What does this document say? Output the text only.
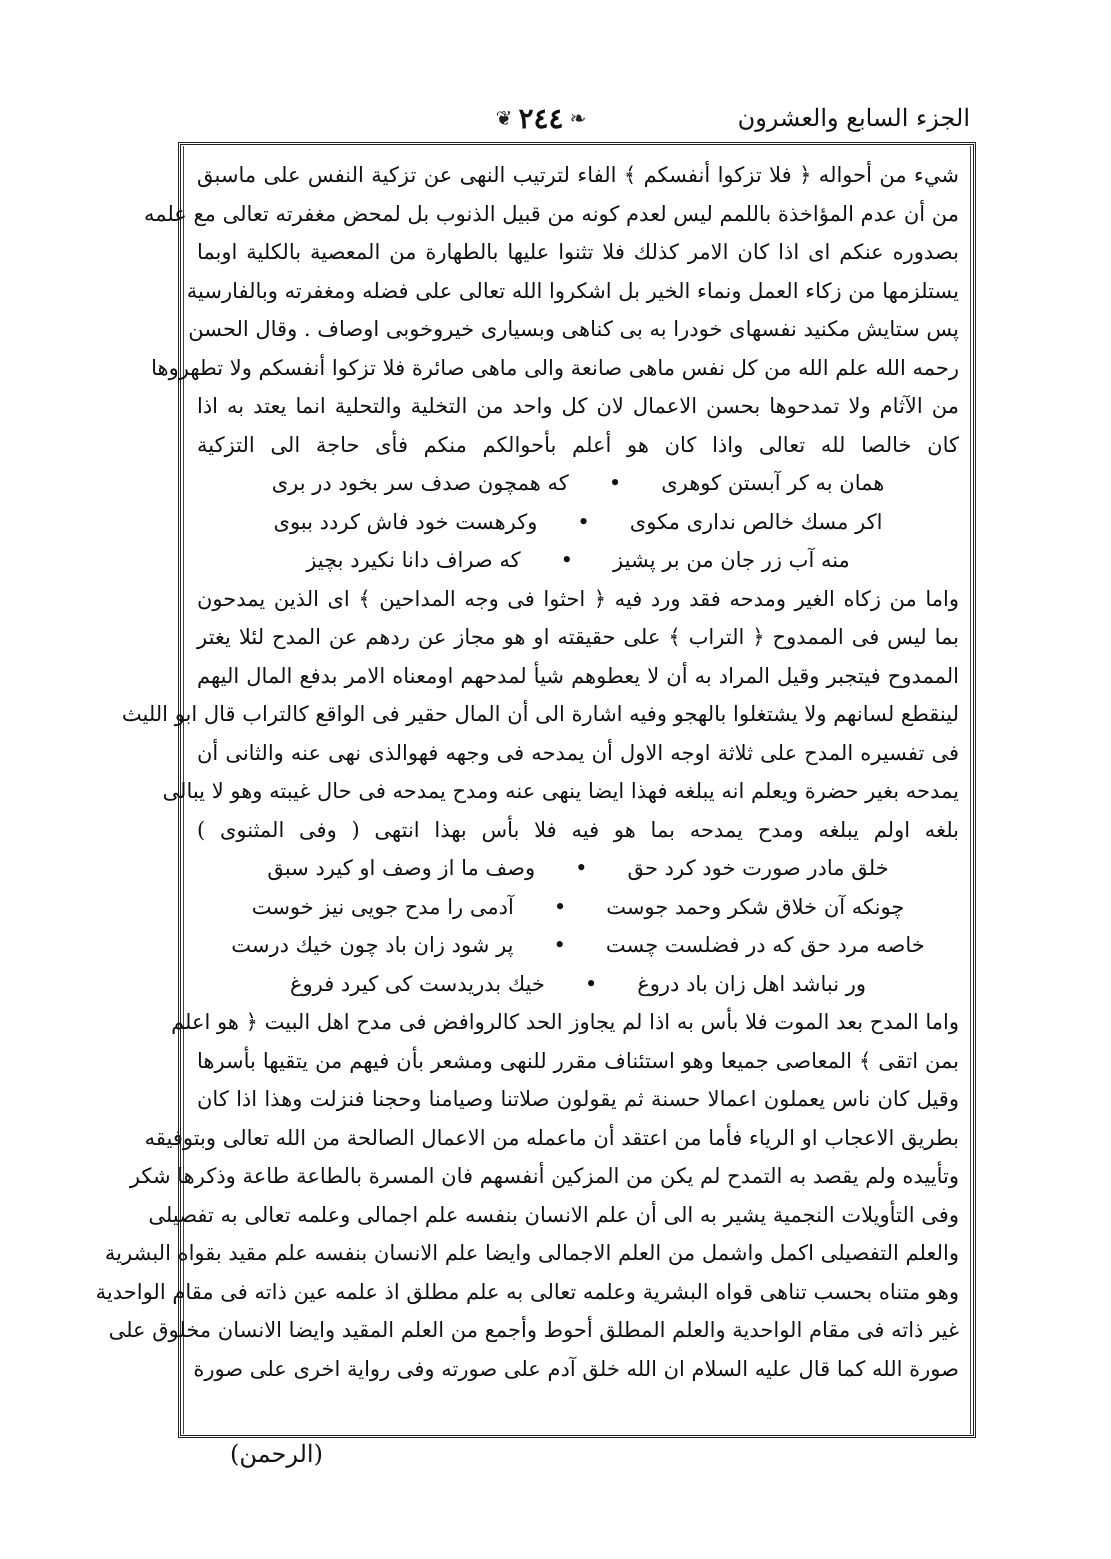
الجزء السابع والعشرون
❦ ٢٤٤ ❧
شيء من أحواله ﴿ فلا تزكوا أنفسكم ﴾ الفاء لترتيب النهى عن تزكية النفس على ماسبق
من أن عدم المؤاخذة باللمم ليس لعدم كونه من قبيل الذنوب بل لمحض مغفرته تعالى مع علمه
بصدوره عنكم اى اذا كان الامر كذلك فلا تثنوا عليها بالطهارة من المعصية بالكلية اوبما
يستلزمها من زكاء العمل ونماء الخير بل اشكروا الله تعالى على فضله ومغفرته وبالفارسية
پس ستايش مكنيد نفسهاى خودرا به بى كناهى وبسيارى خيروخوبى اوصاف . وقال الحسن
رحمه الله علم الله من كل نفس ماهى صانعة والى ماهى صائرة فلا تزكوا أنفسكم ولا تطهروها
من الآثام ولا تمدحوها بحسن الاعمال لان كل واحد من التخلية والتحلية انما يعتد به اذا
كان خالصا لله تعالى واذا كان هو أعلم بأحوالكم منكم فأى حاجة الى التزكية
همان به كر آبستن كوهرى
•
كه همچون صدف سر بخود در برى
اكر مسك خالص ندارى مكوى
•
وكرهست خود فاش كردد ببوى
منه آب زر جان من بر پشيز
•
كه صراف دانا نكيرد بچيز
واما من زكاه الغير ومدحه فقد ورد فيه ﴿ احثوا فى وجه المداحين ﴾ اى الذين يمدحون
بما ليس فى الممدوح ﴿ التراب ﴾ على حقيقته او هو مجاز عن ردهم عن المدح لئلا يغتر
الممدوح فيتجبر وقيل المراد به أن لا يعطوهم شيأ لمدحهم اومعناه الامر بدفع المال اليهم
لينقطع لسانهم ولا يشتغلوا بالهجو وفيه اشارة الى أن المال حقير فى الواقع كالتراب قال ابو الليث
فى تفسيره المدح على ثلاثة اوجه الاول أن يمدحه فى وجهه فهوالذى نهى عنه والثانى أن
يمدحه بغير حضرة ويعلم انه يبلغه فهذا ايضا ينهى عنه ومدح يمدحه فى حال غيبته وهو لا يبالى
بلغه اولم يبلغه ومدح يمدحه بما هو فيه فلا بأس بهذا انتهى ( وفى المثنوى )
خلق مادر صورت خود كرد حق
•
وصف ما از وصف او كيرد سبق
چونكه آن خلاق شكر وحمد جوست
•
آدمى را مدح جويى نيز خوست
خاصه مرد حق كه در فضلست چست
•
پر شود زان باد چون خيك درست
ور نباشد اهل زان باد دروغ
•
خيك بدريدست كى كيرد فروغ
واما المدح بعد الموت فلا بأس به اذا لم يجاوز الحد كالروافض فى مدح اهل البيت ﴿ هو اعلم
بمن اتقى ﴾ المعاصى جميعا وهو استئناف مقرر للنهى ومشعر بأن فيهم من يتقيها بأسرها
وقيل كان ناس يعملون اعمالا حسنة ثم يقولون صلاتنا وصيامنا وحجنا فنزلت وهذا اذا كان
بطريق الاعجاب او الرياء فأما من اعتقد أن ماعمله من الاعمال الصالحة من الله تعالى وبتوفيقه
وتأييده ولم يقصد به التمدح لم يكن من المزكين أنفسهم فان المسرة بالطاعة طاعة وذكرها شكر
وفى التأويلات النجمية يشير به الى أن علم الانسان بنفسه علم اجمالى وعلمه تعالى به تفصيلى
والعلم التفصيلى اكمل واشمل من العلم الاجمالى وايضا علم الانسان بنفسه علم مقيد بقواه البشرية
وهو متناه بحسب تناهى قواه البشرية وعلمه تعالى به علم مطلق اذ علمه عين ذاته فى مقام الواحدية
غير ذاته فى مقام الواحدية والعلم المطلق أحوط وأجمع من العلم المقيد وايضا الانسان مخلوق على
صورة الله كما قال عليه السلام ان الله خلق آدم على صورته وفى رواية اخرى على صورة
(الرحمن)
